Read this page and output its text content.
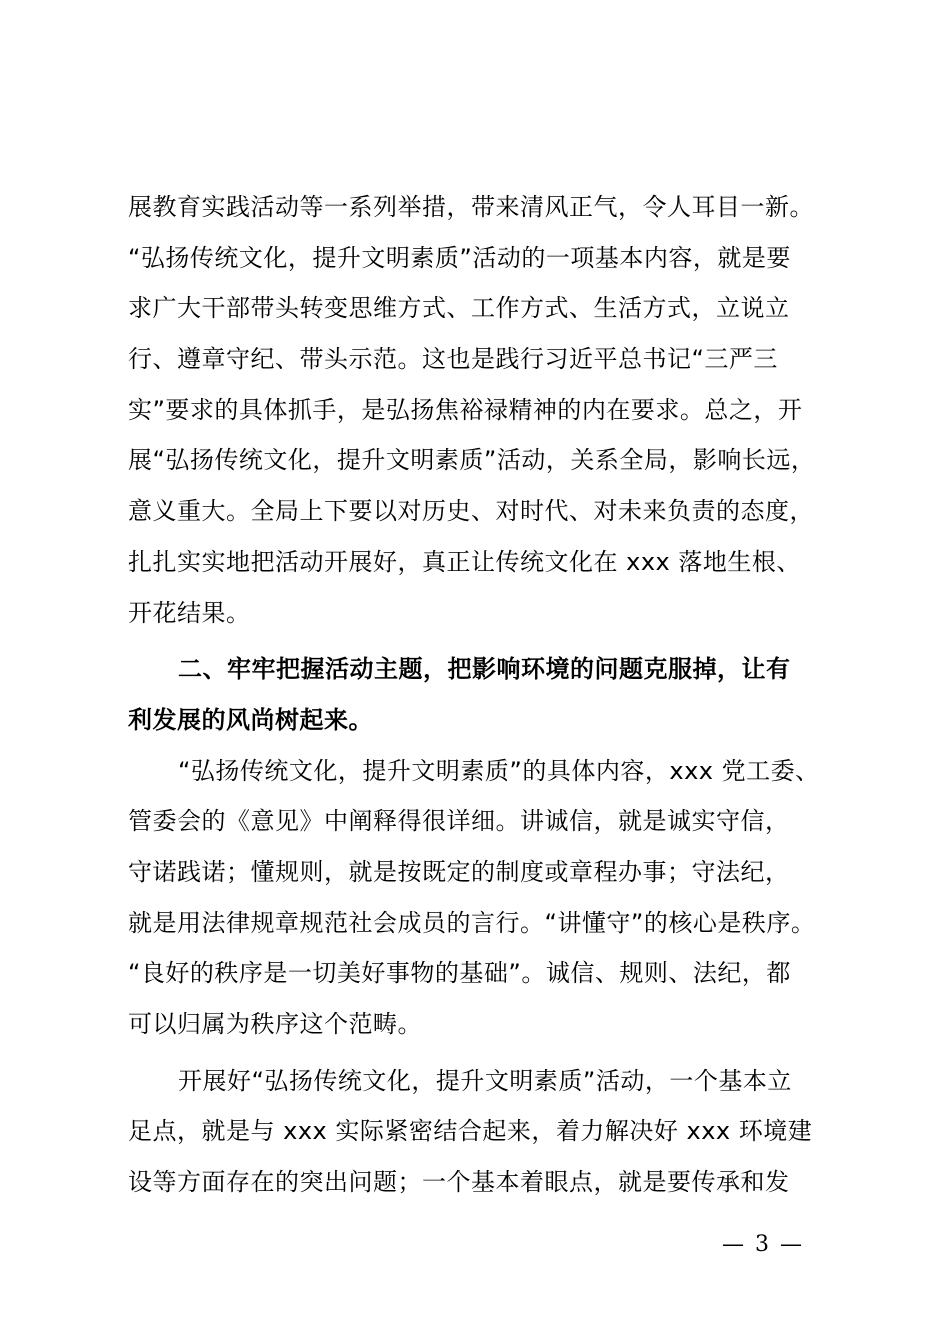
展教育实践活动等一系列举措，带来清风正气，令人耳目一新。
“弘扬传统文化，提升文明素质”活动的一项基本内容，就是要
求广大干部带头转变思维方式、工作方式、生活方式，立说立
行、遵章守纪、带头示范。这也是践行习近平总书记“三严三
实”要求的具体抓手，是弘扬焦裕禄精神的内在要求。总之，开
展“弘扬传统文化，提升文明素质”活动，关系全局，影响长远，
意义重大。全局上下要以对历史、对时代、对未来负责的态度，
扎扎实实地把活动开展好，真正让传统文化在 xxx 落地生根、
开花结果。
二、牢牢把握活动主题，把影响环境的问题克服掉，让有
利发展的风尚树起来。
“弘扬传统文化，提升文明素质”的具体内容，xxx 党工委、
管委会的《意见》中阐释得很详细。讲诚信，就是诚实守信，
守诺践诺；懂规则，就是按既定的制度或章程办事；守法纪，
就是用法律规章规范社会成员的言行。“讲懂守”的核心是秩序。
“良好的秩序是一切美好事物的基础”。诚信、规则、法纪，都
可以归属为秩序这个范畴。
开展好“弘扬传统文化，提升文明素质”活动，一个基本立
足点，就是与 xxx 实际紧密结合起来，着力解决好 xxx 环境建
设等方面存在的突出问题；一个基本着眼点，就是要传承和发
— 3 —
